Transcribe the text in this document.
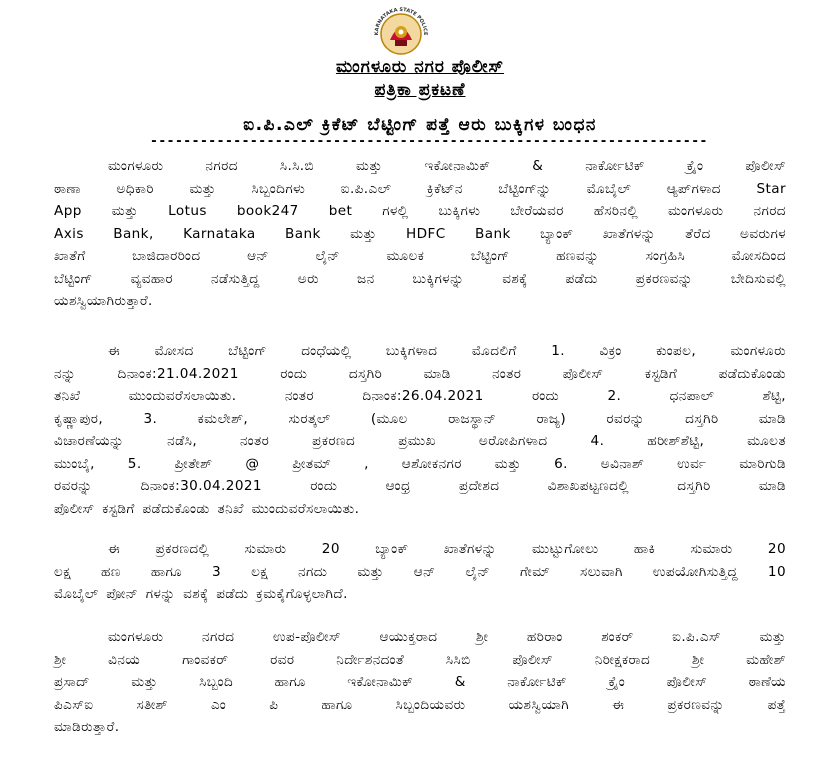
KARNATAKA STATE POLICE
ಮಂಗಳೂರು ನಗರ ಪೊಲೀಸ್
ಪತ್ರಿಕಾ ಪ್ರಕಟಣೆ
ಐ.ಪಿ.ಎಲ್ ಕ್ರಿಕೆಟ್ ಬೆಟ್ಟಿಂಗ್ ಪತ್ತೆ ಆರು ಬುಕ್ಕಿಗಳ ಬಂಧನ
-------------------------------------------------------------------
ಮಂಗಳೂರು ನಗರದ ಸಿ.ಸಿ.ಬಿ ಮತ್ತು ಇಕೋನಾಮಿಕ್ & ನಾರ್ಕೋಟಿಕ್ ಕ್ರೈಂ ಪೊಲೀಸ್
ಠಾಣಾ ಅಧಿಕಾರಿ ಮತ್ತು ಸಿಬ್ಬಂದಿಗಳು ಐ.ಪಿ.ಎಲ್ ಕ್ರಿಕೆಟ್‌ನ ಬೆಟ್ಟಿಂಗ್‌ನ್ನು ಮೊಬೈಲ್ ಆ್ಯಪ್‌ಗಳಾದ Star
App ಮತ್ತು Lotus book247 bet ಗಳಲ್ಲಿ ಬುಕ್ಕಿಗಳು ಬೇರೆಯವರ ಹೆಸರಿನಲ್ಲಿ ಮಂಗಳೂರು ನಗರದ
Axis Bank, Karnataka Bank ಮತ್ತು HDFC Bank ಬ್ಯಾಂಕ್ ಖಾತೆಗಳನ್ನು ತೆರೆದ ಅವರುಗಳ
ಖಾತೆಗೆ ಬಾಜಿದಾರರಿಂದ ಆನ್ ಲೈನ್ ಮೂಲಕ ಬೆಟ್ಟಿಂಗ್ ಹಣವನ್ನು ಸಂಗ್ರಹಿಸಿ ಮೋಸದಿಂದ
ಬೆಟ್ಟಿಂಗ್ ವ್ಯವಹಾರ ನಡೆಸುತ್ತಿದ್ದ ಅರು ಜನ ಬುಕ್ಕಿಗಳನ್ನು ವಶಕ್ಕೆ ಪಡೆದು ಪ್ರಕರಣವನ್ನು ಬೇದಿಸುವಲ್ಲಿ
ಯಶಸ್ವಿಯಾಗಿರುತ್ತಾರೆ.
ಈ ಮೋಸದ ಬೆಟ್ಟಿಂಗ್ ದಂಧೆಯಲ್ಲಿ ಬುಕ್ಕಿಗಳಾದ ಮೊದಲಿಗೆ 1. ವಿಕ್ರಂ ಕುಂಪಲ, ಮಂಗಳೂರು
ನನ್ನು ದಿನಾಂಕ:21.04.2021 ರಂದು ದಸ್ತಗಿರಿ ಮಾಡಿ ನಂತರ ಪೊಲೀಸ್ ಕಸ್ಟಡಿಗೆ ಪಡೆದುಕೊಂಡು
ತನಿಖೆ ಮುಂದುವರೆಸಲಾಯಿತು. ನಂತರ ದಿನಾಂಕ:26.04.2021 ರಂದು 2. ಧನಪಾಲ್ ಶೆಟ್ಟಿ,
ಕೃಷ್ಣಾಪುರ, 3. ಕಮಲೇಶ್, ಸುರತ್ಕಲ್ (ಮೂಲ ರಾಜಸ್ಥಾನ್ ರಾಜ್ಯ) ರವರನ್ನು ದಸ್ತಗಿರಿ ಮಾಡಿ
ವಿಚಾರಣೆಯನ್ನು ನಡೆಸಿ, ನಂತರ ಪ್ರಕರಣದ ಪ್ರಮುಖ ಅರೋಪಿಗಳಾದ 4. ಹರೀಶ್‌ಶೆಟ್ಟಿ, ಮೂಲತ
ಮುಂಬೈ, 5. ಪ್ರೀತೇಶ್ @ ಪ್ರೀತಮ್ , ಆಶೋಕನಗರ ಮತ್ತು 6. ಅವಿನಾಶ್ ಉರ್ವ ಮಾರಿಗುಡಿ
ರವರನ್ನು ದಿನಾಂಕ:30.04.2021 ರಂದು ಆಂಧ್ರ ಪ್ರದೇಶದ ವಿಶಾಖಪಟ್ಟಣದಲ್ಲಿ ದಸ್ತಗಿರಿ ಮಾಡಿ
ಪೊಲೀಸ್ ಕಸ್ಟಡಿಗೆ ಪಡೆದುಕೊಂಡು ತನಿಖೆ ಮುಂದುವರೆಸಲಾಯಿತು.
ಈ ಪ್ರಕರಣದಲ್ಲಿ ಸುಮಾರು 20 ಬ್ಯಾಂಕ್ ಖಾತೆಗಳನ್ನು ಮುಟ್ಟುಗೋಲು ಹಾಕಿ ಸುಮಾರು 20
ಲಕ್ಷ ಹಣ ಹಾಗೂ 3 ಲಕ್ಷ ನಗದು ಮತ್ತು ಆನ್ ಲೈನ್ ಗೇಮ್ ಸಲುವಾಗಿ ಉಪಯೋಗಿಸುತ್ತಿದ್ದ 10
ಮೊಬೈಲ್ ಪೋನ್ ಗಳನ್ನು ವಶಕ್ಕೆ ಪಡೆದು ಕ್ರಮಕೈಗೊಳ್ಳಲಾಗಿದೆ.
ಮಂಗಳೂರು ನಗರದ ಉಪ-ಪೊಲೀಸ್ ಆಯುಕ್ತರಾದ ಶ್ರೀ ಹರಿರಾಂ ಶಂಕರ್ ಐ.ಪಿ.ಎಸ್ ಮತ್ತು
ಶ್ರೀ ವಿನಯ ಗಾಂವಕರ್ ರವರ ನಿರ್ದೇಶನದಂತೆ ಸಿಸಿಬಿ ಪೊಲೀಸ್ ನಿರೀಕ್ಷಕರಾದ ಶ್ರೀ ಮಹೇಶ್
ಪ್ರಸಾದ್ ಮತ್ತು ಸಿಬ್ಬಂದಿ ಹಾಗೂ ಇಕೋನಾಮಿಕ್ & ನಾರ್ಕೋಟಿಕ್ ಕ್ರೈಂ ಪೊಲೀಸ್ ಠಾಣೆಯ
ಪಿಎಸ್‌ಐ ಸತೀಶ್ ಎಂ ಪಿ ಹಾಗೂ ಸಿಬ್ಬಂದಿಯವರು ಯಶಸ್ವಿಯಾಗಿ ಈ ಪ್ರಕರಣವನ್ನು ಪತ್ತೆ
ಮಾಡಿರುತ್ತಾರೆ.
